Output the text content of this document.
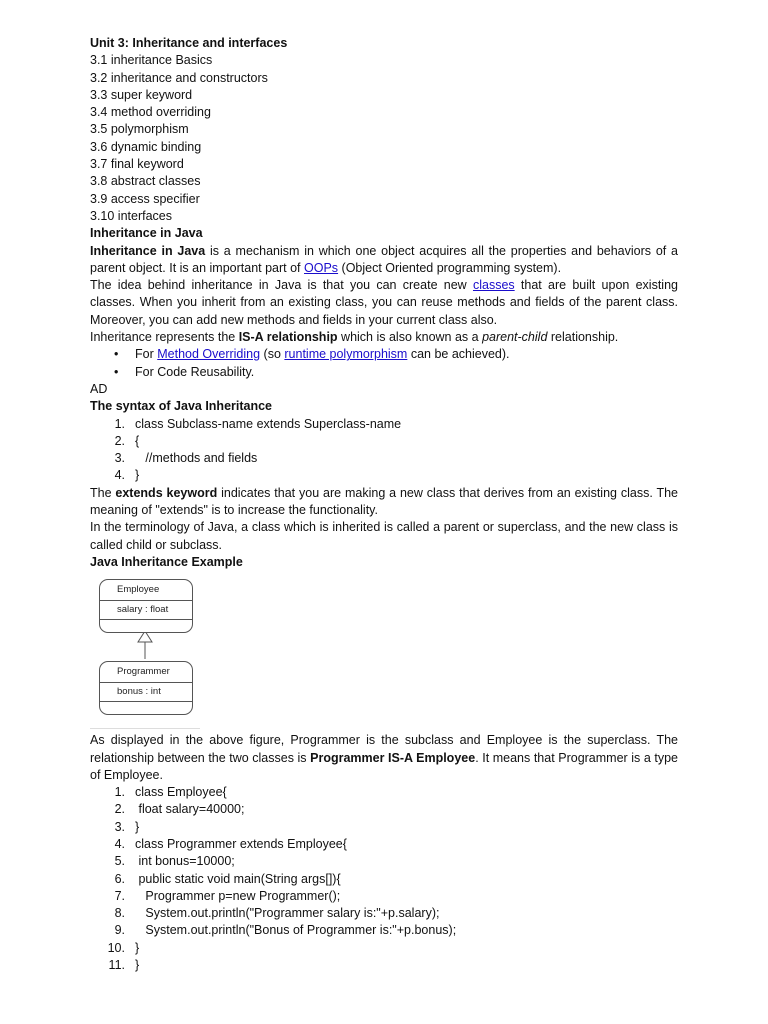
Unit 3: Inheritance and interfaces

3.1 inheritance Basics

3.2 inheritance and constructors

3.3 super keyword

3.4 method overriding

3.5 polymorphism

3.6 dynamic binding

3.7 final keyword

3.8 abstract classes

3.9 access specifier

3.10 interfaces

Inheritance in Java

Inheritance in Java is a mechanism in which one object acquires all the properties and behaviors of a parent object. It is an important part of OOPs (Object Oriented programming system).

The idea behind inheritance in Java is that you can create new classes that are built upon existing classes. When you inherit from an existing class, you can reuse methods and fields of the parent class. Moreover, you can add new methods and fields in your current class also.

Inheritance represents the IS-A relationship which is also known as a parent-child relationship.

• For Method Overriding (so runtime polymorphism can be achieved).
• For Code Reusability.

AD

The syntax of Java Inheritance

1. class Subclass-name extends Superclass-name
2. {
3. //methods and fields
4. }

The extends keyword indicates that you are making a new class that derives from an existing class. The meaning of "extends" is to increase the functionality.

In the terminology of Java, a class which is inherited is called a parent or superclass, and the new class is called child or subclass.

Java Inheritance Example

Employee
salary : float
Programmer
bonus : int

As displayed in the above figure, Programmer is the subclass and Employee is the superclass. The relationship between the two classes is Programmer IS-A Employee. It means that Programmer is a type of Employee.

1. class Employee{
2. float salary=40000;
3. }
4. class Programmer extends Employee{
5. int bonus=10000;
6. public static void main(String args[]){
7. Programmer p=new Programmer();
8. System.out.println("Programmer salary is:"+p.salary);
9. System.out.println("Bonus of Programmer is:"+p.bonus);
10. }
11. }
